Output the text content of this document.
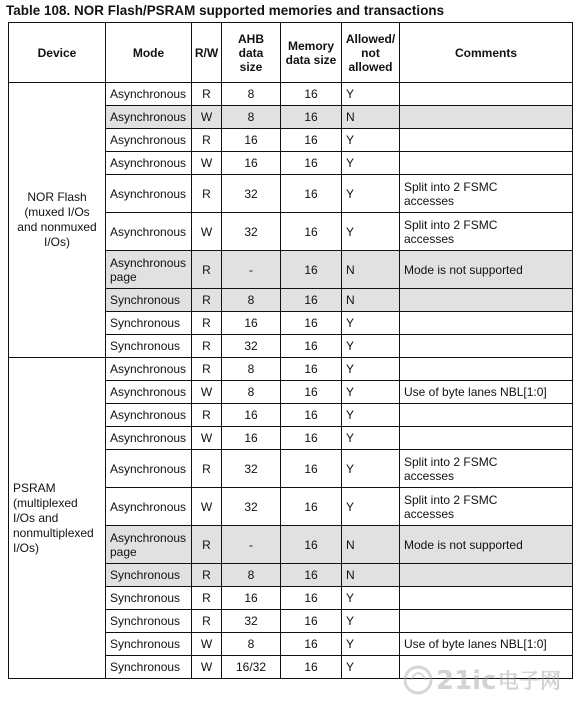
Table 108. NOR Flash/PSRAM supported memories and transactions
Device	Mode	R/W	AHB
data
size	Memory
data size	Allowed/
not
allowed	Comments
NOR Flash
(muxed I/Os
and nonmuxed
I/Os)	Asynchronous	R	8	16	Y	
	Asynchronous	W	8	16	N	
	Asynchronous	R	16	16	Y	
	Asynchronous	W	16	16	Y	
	Asynchronous	R	32	16	Y	Split into 2 FSMC
accesses
	Asynchronous	W	32	16	Y	Split into 2 FSMC
accesses
	Asynchronous
page	R	-	16	N	Mode is not supported
	Synchronous	R	8	16	N	
	Synchronous	R	16	16	Y	
	Synchronous	R	32	16	Y	
PSRAM
(multiplexed
I/Os and
nonmultiplexed
I/Os)	Asynchronous	R	8	16	Y	
	Asynchronous	W	8	16	Y	Use of byte lanes NBL[1:0]
	Asynchronous	R	16	16	Y	
	Asynchronous	W	16	16	Y	
	Asynchronous	R	32	16	Y	Split into 2 FSMC
accesses
	Asynchronous	W	32	16	Y	Split into 2 FSMC
accesses
	Asynchronous
page	R	-	16	N	Mode is not supported
	Synchronous	R	8	16	N	
	Synchronous	R	16	16	Y	
	Synchronous	R	32	16	Y	
	Synchronous	W	8	16	Y	Use of byte lanes NBL[1:0]
	Synchronous	W	16/32	16	Y		21ic 电子网
